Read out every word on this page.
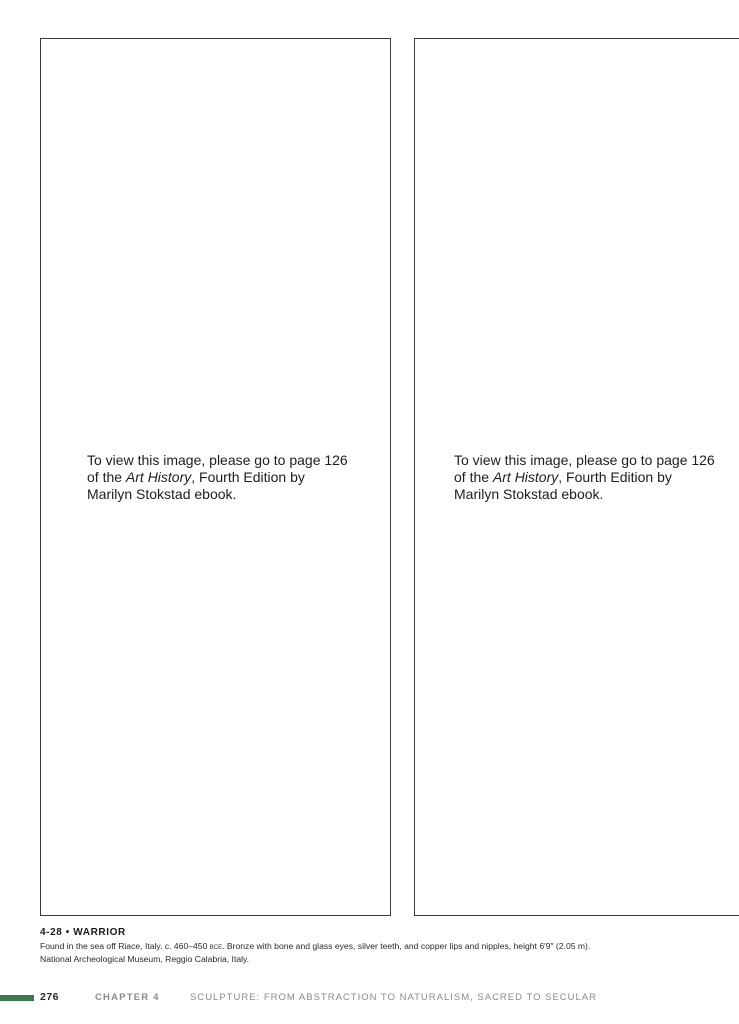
To view this image, please go to page 126
of the Art History, Fourth Edition by
Marilyn Stokstad ebook.
To view this image, please go to page 126
of the Art History, Fourth Edition by
Marilyn Stokstad ebook.
4-28 • WARRIOR
Found in the sea off Riace, Italy. c. 460–450 bce. Bronze with bone and glass eyes, silver teeth, and copper lips and nipples, height 6′9″ (2.05 m). National Archeological Museum, Reggio Calabria, Italy.
276	CHAPTER 4	SCULPTURE: FROM ABSTRACTION TO NATURALISM, SACRED TO SECULAR
